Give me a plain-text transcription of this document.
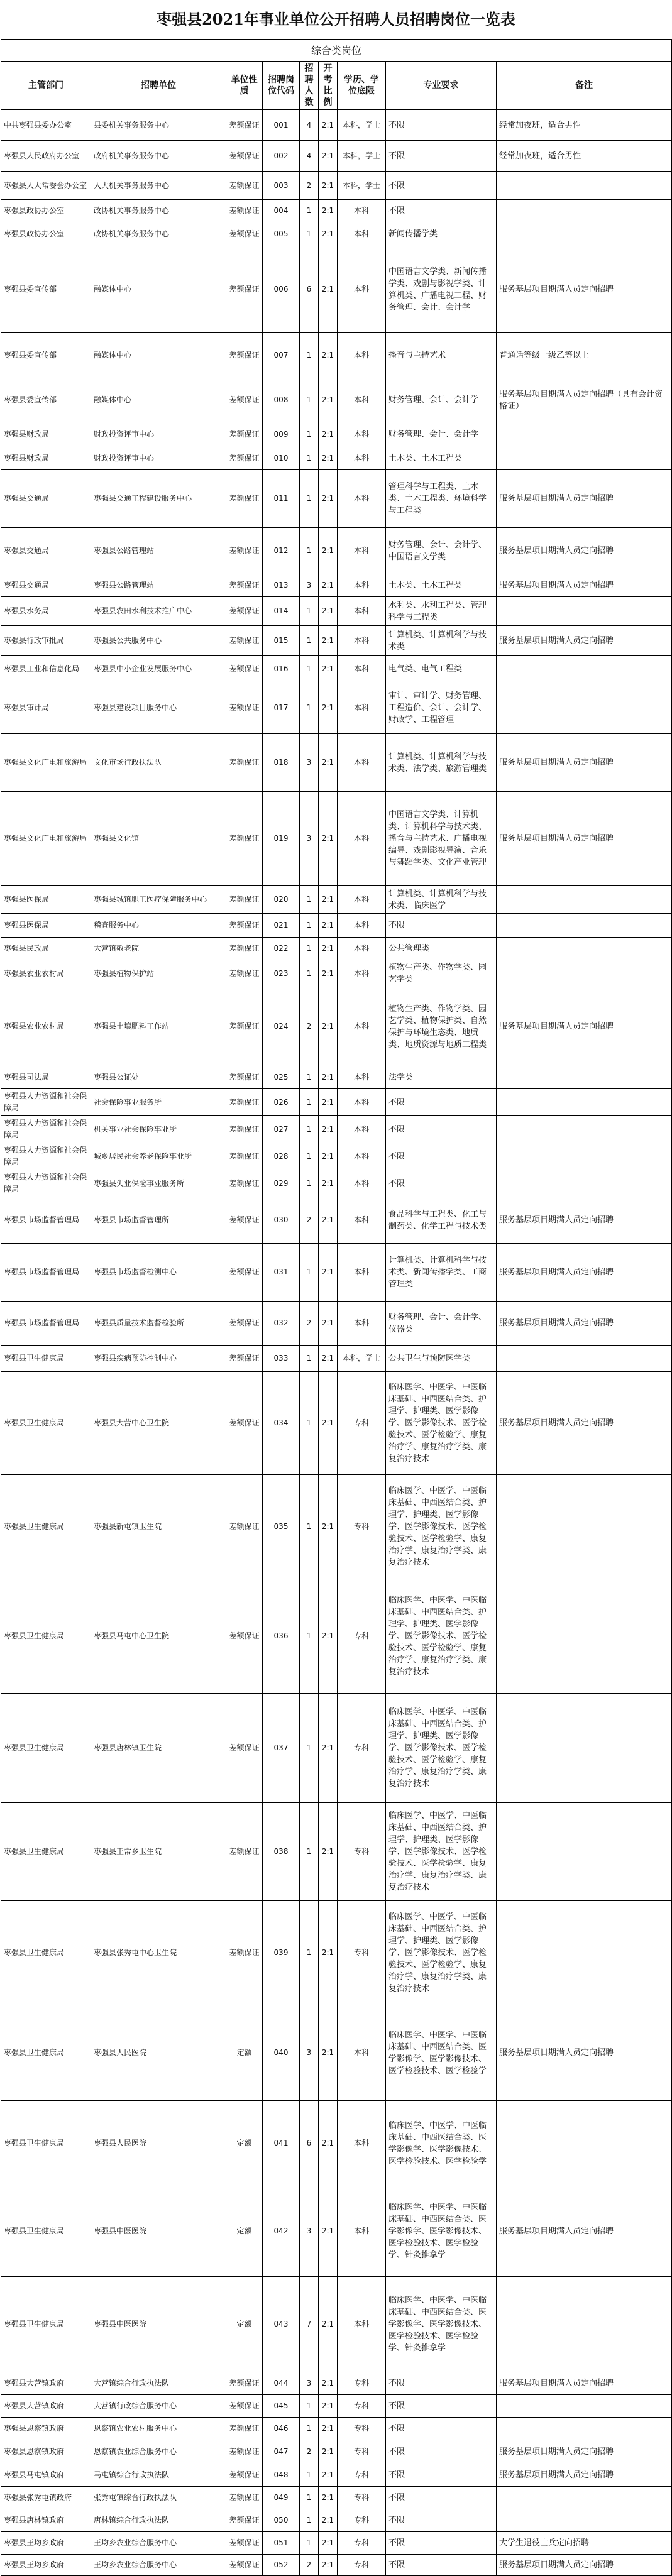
枣强县2021年事业单位公开招聘人员招聘岗位一览表
综合类岗位								
主管部门	招聘单位	单位性质	招聘岗位代码	招聘人数	开考比例	学历、学位底限	专业要求	备注
中共枣强县委办公室	县委机关事务服务中心	差额保证	001	4	2:1	本科，学士	不限	经常加夜班，适合男性
枣强县人民政府办公室	政府机关事务服务中心	差额保证	002	4	2:1	本科，学士	不限	经常加夜班，适合男性
枣强县人大常委会办公室	人大机关事务服务中心	差额保证	003	2	2:1	本科，学士	不限	
枣强县政协办公室	政协机关事务服务中心	差额保证	004	1	2:1	本科	不限	
枣强县政协办公室	政协机关事务服务中心	差额保证	005	1	2:1	本科	新闻传播学类	
枣强县委宣传部	融媒体中心	差额保证	006	6	2:1	本科	中国语言文学类、新闻传播学类、戏剧与影视学类、计算机类、广播电视工程、财务管理、会计、会计学	服务基层项目期满人员定向招聘
枣强县委宣传部	融媒体中心	差额保证	007	1	2:1	本科	播音与主持艺术	普通话等级一级乙等以上
枣强县委宣传部	融媒体中心	差额保证	008	1	2:1	本科	财务管理、会计、会计学	服务基层项目期满人员定向招聘（具有会计资格证）
枣强县财政局	财政投资评审中心	差额保证	009	1	2:1	本科	财务管理、会计、会计学	
枣强县财政局	财政投资评审中心	差额保证	010	1	2:1	本科	土木类、土木工程类	
枣强县交通局	枣强县交通工程建设服务中心	差额保证	011	1	2:1	本科	管理科学与工程类、土木类、土木工程类、环境科学与工程类	服务基层项目期满人员定向招聘
枣强县交通局	枣强县公路管理站	差额保证	012	1	2:1	本科	财务管理、会计、会计学、中国语言文学类	服务基层项目期满人员定向招聘
枣强县交通局	枣强县公路管理站	差额保证	013	3	2:1	本科	土木类、土木工程类	服务基层项目期满人员定向招聘
枣强县水务局	枣强县农田水利技术推广中心	差额保证	014	1	2:1	本科	水利类、水利工程类、管理科学与工程类	
枣强县行政审批局	枣强县公共服务中心	差额保证	015	1	2:1	本科	计算机类、计算机科学与技术类	服务基层项目期满人员定向招聘
枣强县工业和信息化局	枣强县中小企业发展服务中心	差额保证	016	1	2:1	本科	电气类、电气工程类	
枣强县审计局	枣强县建设项目服务中心	差额保证	017	1	2:1	本科	审计、审计学、财务管理、工程造价、会计、会计学、财政学、工程管理	
枣强县文化广电和旅游局	文化市场行政执法队	差额保证	018	3	2:1	本科	计算机类、计算机科学与技术类、法学类、旅游管理类	服务基层项目期满人员定向招聘
枣强县文化广电和旅游局	枣强县文化馆	差额保证	019	3	2:1	本科	中国语言文学类、计算机类、计算机科学与技术类、播音与主持艺术、广播电视编导、戏剧影视导演、音乐与舞蹈学类、文化产业管理	服务基层项目期满人员定向招聘
枣强县医保局	枣强县城镇职工医疗保障服务中心	差额保证	020	1	2:1	本科	计算机类、计算机科学与技术类、临床医学	
枣强县医保局	稽查服务中心	差额保证	021	1	2:1	本科	不限	
枣强县民政局	大营镇敬老院	差额保证	022	1	2:1	本科	公共管理类	
枣强县农业农村局	枣强县植物保护站	差额保证	023	1	2:1	本科	植物生产类、作物学类、园艺学类	
枣强县农业农村局	枣强县土壤肥料工作站	差额保证	024	2	2:1	本科	植物生产类、作物学类、园艺学类、植物保护类、自然保护与环境生态类、地质类、地质资源与地质工程类	服务基层项目期满人员定向招聘
枣强县司法局	枣强县公证处	差额保证	025	1	2:1	本科	法学类	
枣强县人力资源和社会保障局	社会保险事业服务所	差额保证	026	1	2:1	本科	不限	
枣强县人力资源和社会保障局	机关事业社会保险事业所	差额保证	027	1	2:1	本科	不限	
枣强县人力资源和社会保障局	城乡居民社会养老保险事业所	差额保证	028	1	2:1	本科	不限	
枣强县人力资源和社会保障局	枣强县失业保险事业服务所	差额保证	029	1	2:1	本科	不限	
枣强县市场监督管理局	枣强县市场监督管理所	差额保证	030	2	2:1	本科	食品科学与工程类、化工与制药类、化学工程与技术类	服务基层项目期满人员定向招聘
枣强县市场监督管理局	枣强县市场监督检测中心	差额保证	031	1	2:1	本科	计算机类、计算机科学与技术类、新闻传播学类、工商管理类	服务基层项目期满人员定向招聘
枣强县市场监督管理局	枣强县质量技术监督检验所	差额保证	032	2	2:1	本科	财务管理、会计、会计学、仪器类	服务基层项目期满人员定向招聘
枣强县卫生健康局	枣强县疾病预防控制中心	差额保证	033	1	2:1	本科，学士	公共卫生与预防医学类	
枣强县卫生健康局	枣强县大营中心卫生院	差额保证	034	1	2:1	专科	临床医学、中医学、中医临床基础、中西医结合类、护理学、护理类、医学影像学、医学影像技术、医学检验技术、医学检验学、康复治疗学、康复治疗学类、康复治疗技术	服务基层项目期满人员定向招聘
枣强县卫生健康局	枣强县新屯镇卫生院	差额保证	035	1	2:1	专科	临床医学、中医学、中医临床基础、中西医结合类、护理学、护理类、医学影像学、医学影像技术、医学检验技术、医学检验学、康复治疗学、康复治疗学类、康复治疗技术	
枣强县卫生健康局	枣强县马屯中心卫生院	差额保证	036	1	2:1	专科	临床医学、中医学、中医临床基础、中西医结合类、护理学、护理类、医学影像学、医学影像技术、医学检验技术、医学检验学、康复治疗学、康复治疗学类、康复治疗技术	
枣强县卫生健康局	枣强县唐林镇卫生院	差额保证	037	1	2:1	专科	临床医学、中医学、中医临床基础、中西医结合类、护理学、护理类、医学影像学、医学影像技术、医学检验技术、医学检验学、康复治疗学、康复治疗学类、康复治疗技术	
枣强县卫生健康局	枣强县王常乡卫生院	差额保证	038	1	2:1	专科	临床医学、中医学、中医临床基础、中西医结合类、护理学、护理类、医学影像学、医学影像技术、医学检验技术、医学检验学、康复治疗学、康复治疗学类、康复治疗技术	
枣强县卫生健康局	枣强县张秀屯中心卫生院	差额保证	039	1	2:1	专科	临床医学、中医学、中医临床基础、中西医结合类、护理学、护理类、医学影像学、医学影像技术、医学检验技术、医学检验学、康复治疗学、康复治疗学类、康复治疗技术	
枣强县卫生健康局	枣强县人民医院	定额	040	3	2:1	本科	临床医学、中医学、中医临床基础、中西医结合类、医学影像学、医学影像技术、医学检验技术、医学检验学	服务基层项目期满人员定向招聘
枣强县卫生健康局	枣强县人民医院	定额	041	6	2:1	本科	临床医学、中医学、中医临床基础、中西医结合类、医学影像学、医学影像技术、医学检验技术、医学检验学	
枣强县卫生健康局	枣强县中医医院	定额	042	3	2:1	本科	临床医学、中医学、中医临床基础、中西医结合类、医学影像学、医学影像技术、医学检验技术、医学检验学、针灸推拿学	服务基层项目期满人员定向招聘
枣强县卫生健康局	枣强县中医医院	定额	043	7	2:1	本科	临床医学、中医学、中医临床基础、中西医结合类、医学影像学、医学影像技术、医学检验技术、医学检验学、针灸推拿学	
枣强县大营镇政府	大营镇综合行政执法队	差额保证	044	3	2:1	专科	不限	服务基层项目期满人员定向招聘
枣强县大营镇政府	大营镇行政综合服务中心	差额保证	045	1	2:1	专科	不限	
枣强县恩察镇政府	恩察镇农业农村服务中心	差额保证	046	1	2:1	专科	不限	
枣强县恩察镇政府	恩察镇农业综合服务中心	差额保证	047	2	2:1	专科	不限	服务基层项目期满人员定向招聘
枣强县马屯镇政府	马屯镇综合行政执法队	差额保证	048	1	2:1	专科	不限	服务基层项目期满人员定向招聘
枣强县张秀屯镇政府	张秀屯镇综合行政执法队	差额保证	049	1	2:1	专科	不限	
枣强县唐林镇政府	唐林镇综合行政执法队	差额保证	050	1	2:1	专科	不限	
枣强县王均乡政府	王均乡农业综合服务中心	差额保证	051	1	2:1	专科	不限	大学生退役士兵定向招聘
枣强县王均乡政府	王均乡农业综合服务中心	差额保证	052	2	2:1	专科	不限	服务基层项目期满人员定向招聘
